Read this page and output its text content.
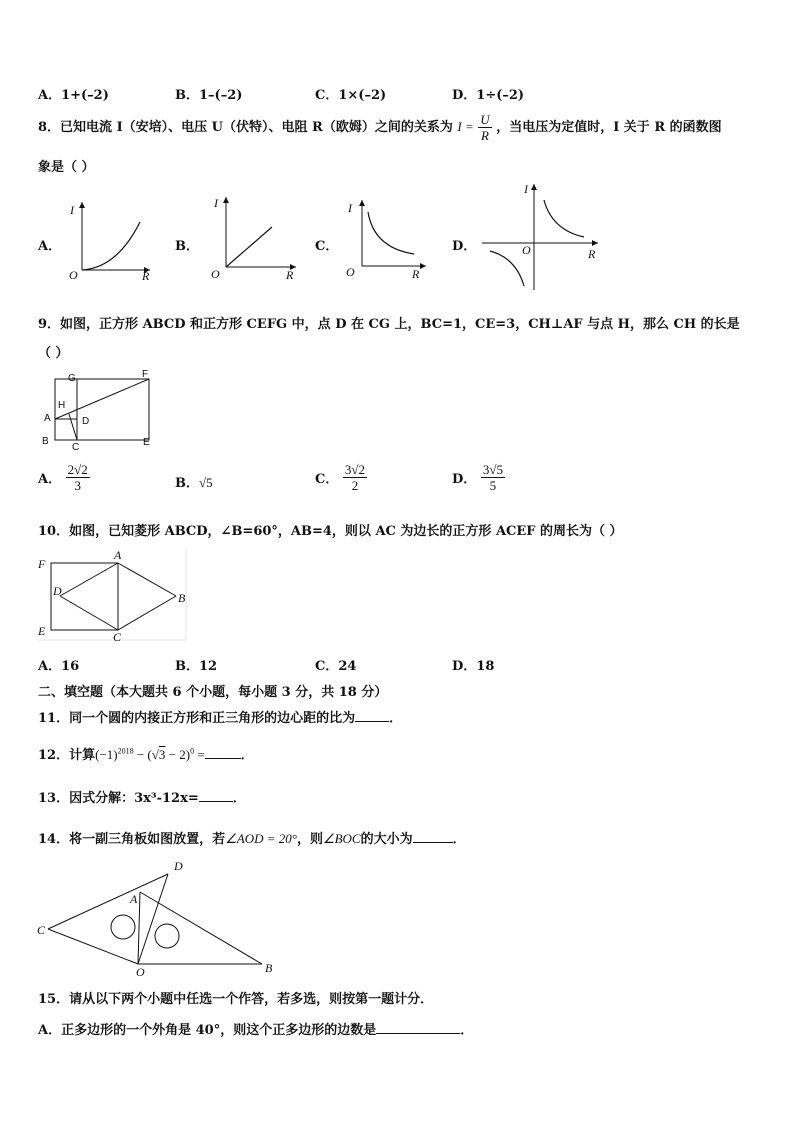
A．1+(–2)	B．1–(–2)	C．1×(–2)	D．1÷(–2)
8．已知电流 I（安培）、电压 U（伏特）、电阻 R（欧姆）之间的关系为 $I = \frac{U}{R}$ ，当电压为定值时，I 关于 R 的函数图
象是（ ）
A．
I
R
O
B．
I
R
O
C．
I
R
O
D．
I
R
O
9．如图，正方形 ABCD 和正方形 CEFG 中，点 D 在 CG 上，BC=1，CE=3，CH⊥AF 与点 H，那么 CH 的长是
（ ）
G	F
H
A	D
B
C	E
A． $\frac{2√2}{3}$	B．√5	C． $\frac{3√2}{2}$	D． $\frac{3√5}{5}$
10．如图，已知菱形 ABCD，∠B=60°，AB=4，则以 AC 为边长的正方形 ACEF 的周长为（ ）
F
A
D	B
E	C
A．16	B．12	C．24	D．18
二、填空题（本大题共 6 个小题，每小题 3 分，共 18 分）
11．同一个圆的内接正方形和正三角形的边心距的比为	．
12．计算$(-1)^{2018} - (√3 - 2)^0$ =	．
13．因式分解：3x³-12x=	．
14．将一副三角板如图放置，若∠AOD = 20°，则∠BOC的大小为	．
D
A
C
O	B
15．请从以下两个小题中任选一个作答，若多选，则按第一题计分．
A．正多边形的一个外角是 40°，则这个正多边形的边数是	．
